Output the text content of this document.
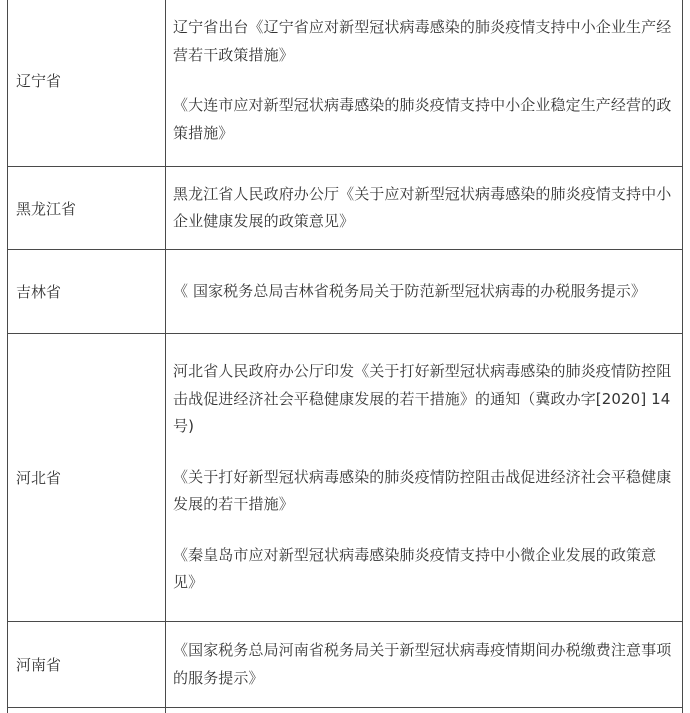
辽宁省	辽宁省出台《辽宁省应对新型冠状病毒感染的肺炎疫情支持中小企业生产经营若干政策措施》
《大连市应对新型冠状病毒感染的肺炎疫情支持中小企业稳定生产经营的政策措施》

黑龙江省	黑龙江省人民政府办公厅《关于应对新型冠状病毒感染的肺炎疫情支持中小企业健康发展的政策意见》

吉林省	《 国家税务总局吉林省税务局关于防范新型冠状病毒的办税服务提示》

河北省	河北省人民政府办公厅印发《关于打好新型冠状病毒感染的肺炎疫情防控阻击战促进经济社会平稳健康发展的若干措施》的通知（冀政办字[2020] 14 号)
《关于打好新型冠状病毒感染的肺炎疫情防控阻击战促进经济社会平稳健康发展的若干措施》
《秦皇岛市应对新型冠状病毒感染肺炎疫情支持中小微企业发展的政策意见》

河南省	《国家税务总局河南省税务局关于新型冠状病毒疫情期间办税缴费注意事项的服务提示》
